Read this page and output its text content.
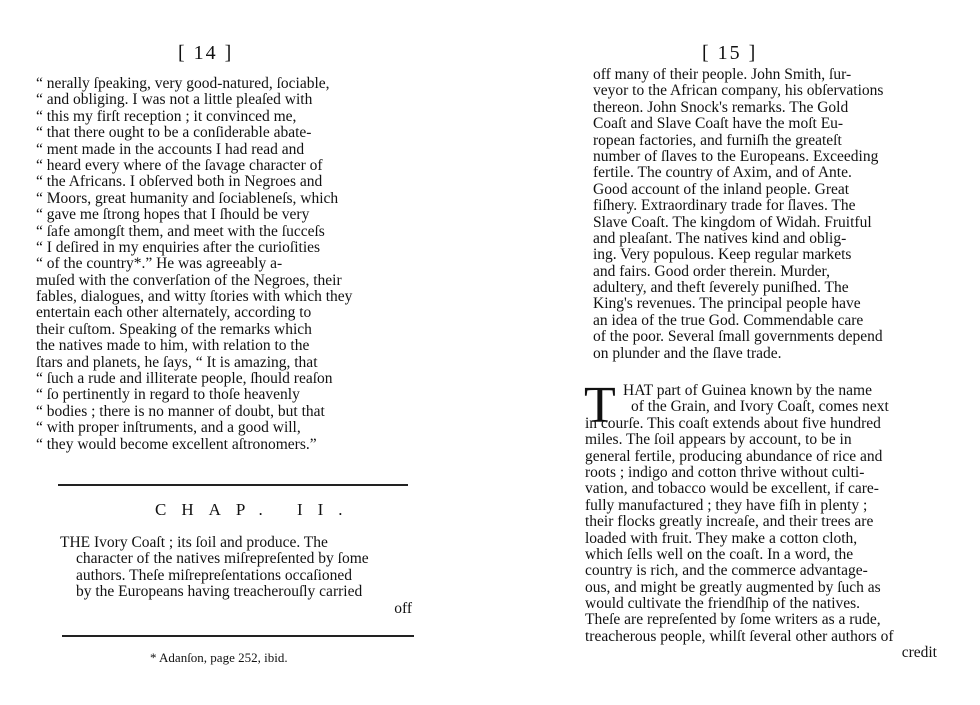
[ 14 ]
“ nerally ſpeaking, very good-natured, ſociable,
“ and obliging. I was not a little pleaſed with
“ this my firſt reception ; it convinced me,
“ that there ought to be a conſiderable abate-
“ ment made in the accounts I had read and
“ heard every where of the ſavage character of
“ the Africans. I obſerved both in Negroes and
“ Moors, great humanity and ſociableneſs, which
“ gave me ſtrong hopes that I ſhould be very
“ ſafe amongſt them, and meet with the ſucceſs
“ I deſired in my enquiries after the curioſities
“ of the country*.” He was agreeably a-
muſed with the converſation of the Negroes, their
fables, dialogues, and witty ſtories with which they
entertain each other alternately, according to
their cuſtom. Speaking of the remarks which
the natives made to him, with relation to the
ſtars and planets, he ſays, “ It is amazing, that
“ ſuch a rude and illiterate people, ſhould reaſon
“ ſo pertinently in regard to thoſe heavenly
“ bodies ; there is no manner of doubt, but that
“ with proper inſtruments, and a good will,
“ they would become excellent aſtronomers.”
CHAP. II.
THE Ivory Coaſt ; its ſoil and produce. The
character of the natives miſrepreſented by ſome
authors. Theſe miſrepreſentations occaſioned
by the Europeans having treacherouſly carried
off
* Adanſon, page 252, ibid.
[ 15 ]
off many of their people. John Smith, ſur-
veyor to the African company, his obſervations
thereon. John Snock's remarks. The Gold
Coaſt and Slave Coaſt have the moſt Eu-
ropean factories, and furniſh the greateſt
number of ſlaves to the Europeans. Exceeding
fertile. The country of Axim, and of Ante.
Good account of the inland people. Great
fiſhery. Extraordinary trade for ſlaves. The
Slave Coaſt. The kingdom of Widah. Fruitful
and pleaſant. The natives kind and oblig-
ing. Very populous. Keep regular markets
and fairs. Good order therein. Murder,
adultery, and theft ſeverely puniſhed. The
King's revenues. The principal people have
an idea of the true God. Commendable care
of the poor. Several ſmall governments depend
on plunder and the ſlave trade.
T HAT part of Guinea known by the name
of the Grain, and Ivory Coaſt, comes next
in courſe. This coaſt extends about five hundred
miles. The ſoil appears by account, to be in
general fertile, producing abundance of rice and
roots ; indigo and cotton thrive without culti-
vation, and tobacco would be excellent, if care-
fully manufactured ; they have fiſh in plenty ;
their flocks greatly increaſe, and their trees are
loaded with fruit. They make a cotton cloth,
which ſells well on the coaſt. In a word, the
country is rich, and the commerce advantage-
ous, and might be greatly augmented by ſuch as
would cultivate the friendſhip of the natives.
Theſe are repreſented by ſome writers as a rude,
treacherous people, whilſt ſeveral other authors of
credit
